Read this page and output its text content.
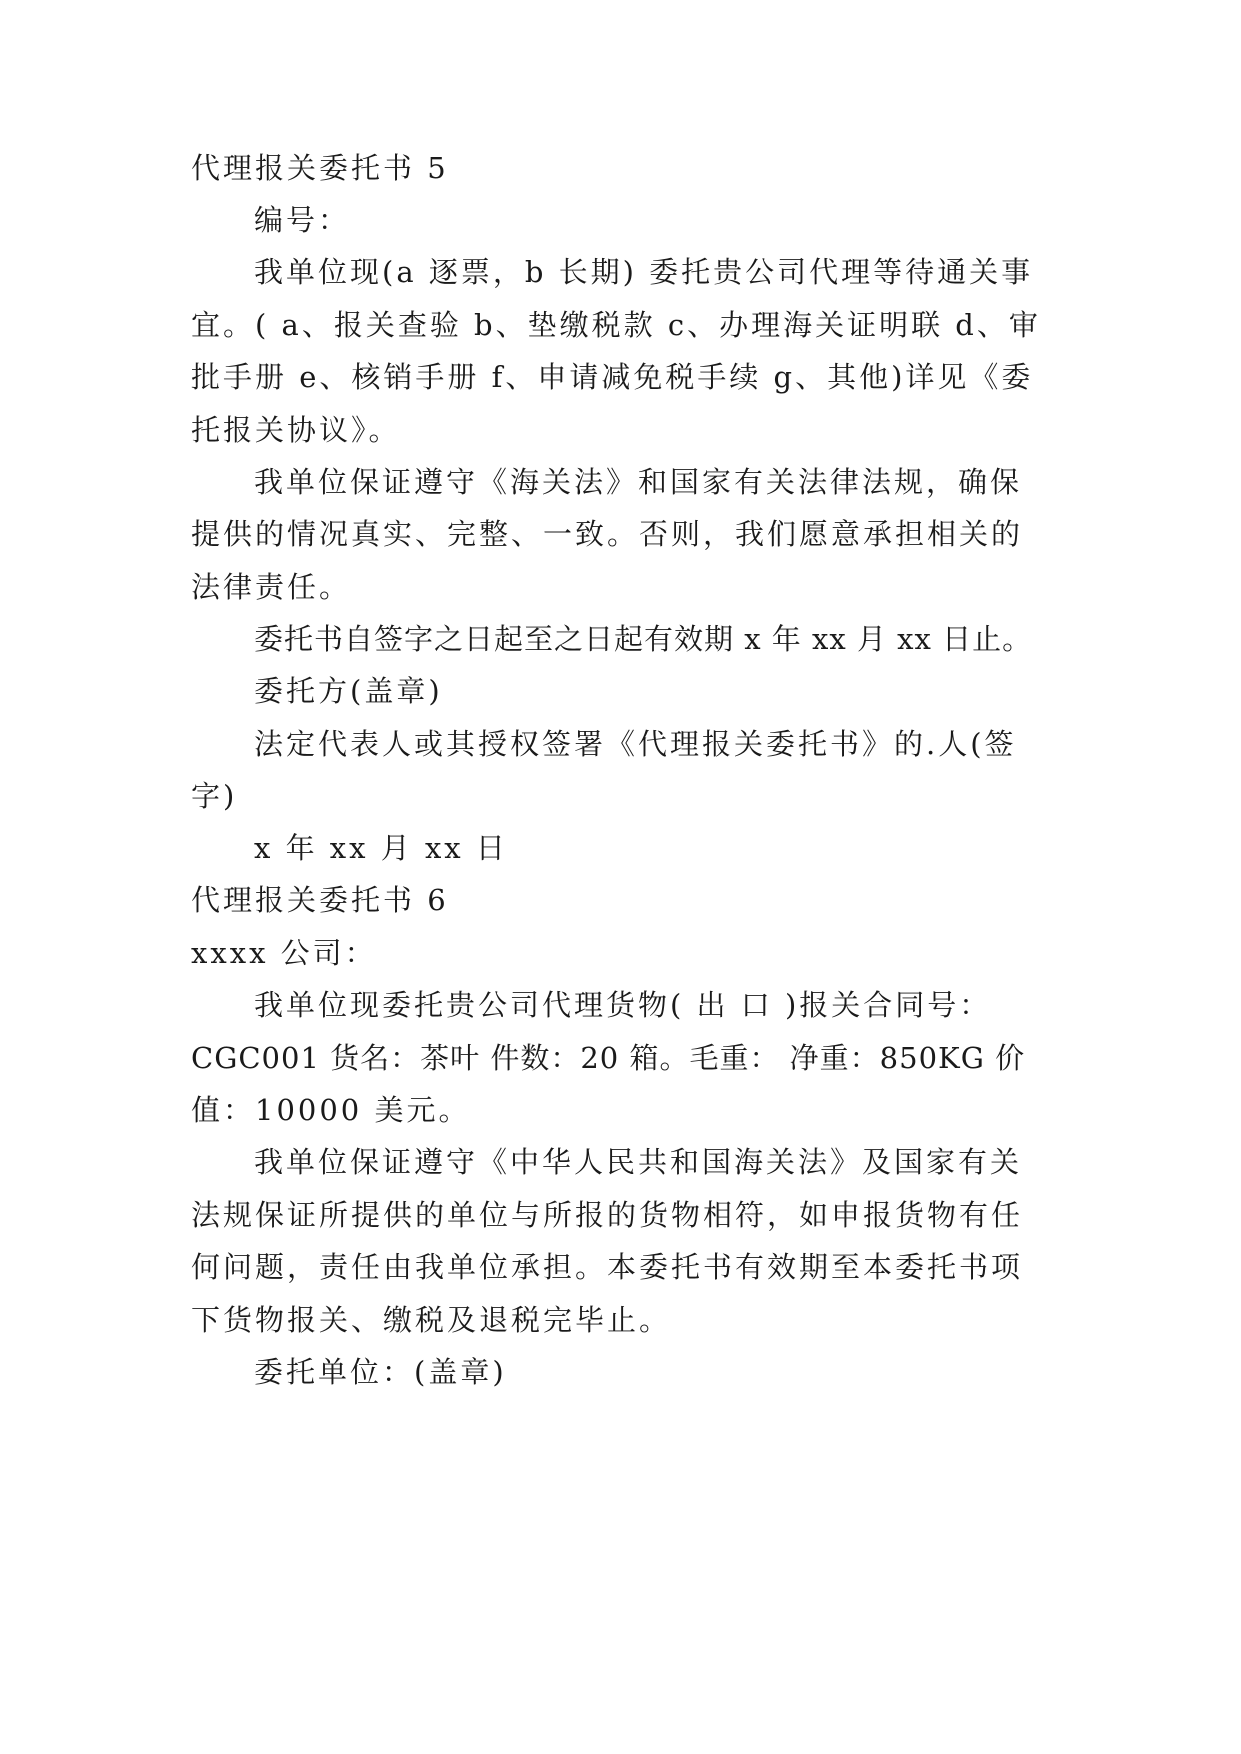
代理报关委托书 5
编号：
我单位现(a 逐票，b 长期) 委托贵公司代理等待通关事
宜。( a、报关查验 b、垫缴税款 c、办理海关证明联 d、审
批手册 e、核销手册 f、申请减免税手续 g、其他)详见《委
托报关协议》。
我单位保证遵守《海关法》和国家有关法律法规，确保
提供的情况真实、完整、一致。否则，我们愿意承担相关的
法律责任。
委托书自签字之日起至之日起有效期 x 年 xx 月 xx 日止。
委托方(盖章)
法定代表人或其授权签署《代理报关委托书》的.人(签
字)
x 年 xx 月 xx 日
代理报关委托书 6
xxxx 公司：
我单位现委托贵公司代理货物( 出 口 )报关合同号：
CGC001 货名：茶叶 件数：20 箱。毛重： 净重：850KG 价
值：10000 美元。
我单位保证遵守《中华人民共和国海关法》及国家有关
法规保证所提供的单位与所报的货物相符，如申报货物有任
何问题，责任由我单位承担。本委托书有效期至本委托书项
下货物报关、缴税及退税完毕止。
委托单位：(盖章)
